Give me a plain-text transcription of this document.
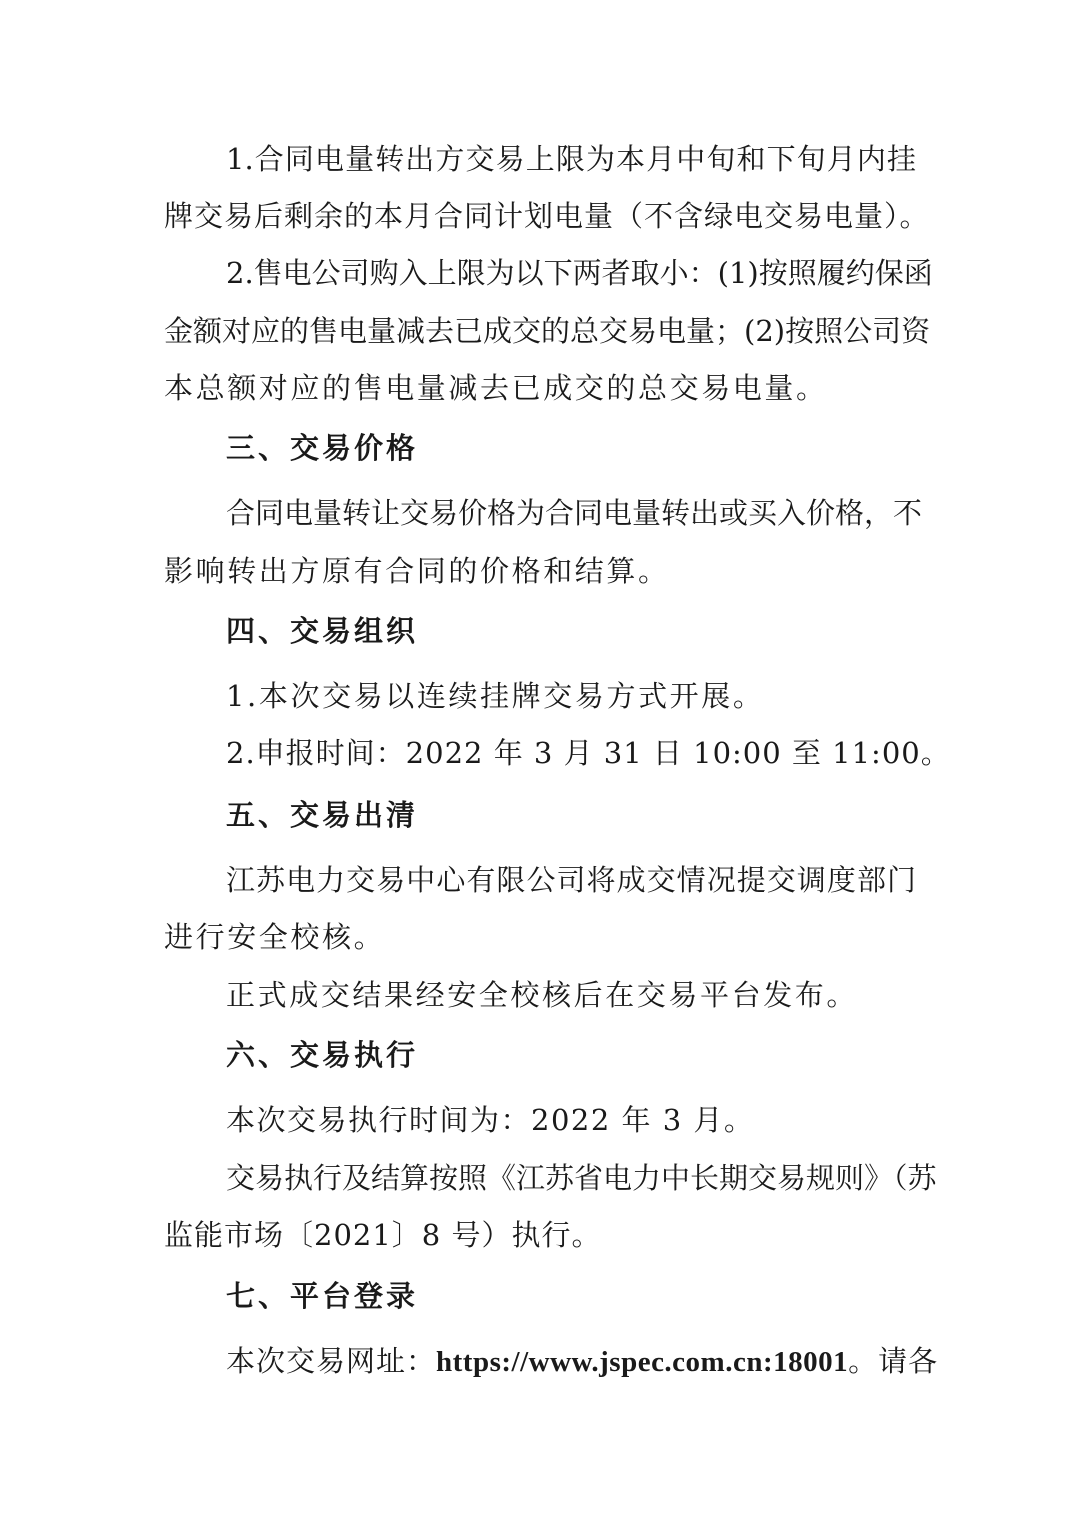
1.合同电量转出方交易上限为本月中旬和下旬月内挂
牌交易后剩余的本月合同计划电量（不含绿电交易电量）。
2.售电公司购入上限为以下两者取小：(1)按照履约保函
金额对应的售电量减去已成交的总交易电量；(2)按照公司资
本总额对应的售电量减去已成交的总交易电量。
三、交易价格
合同电量转让交易价格为合同电量转出或买入价格，不
影响转出方原有合同的价格和结算。
四、交易组织
1.本次交易以连续挂牌交易方式开展。
2.申报时间：2022 年 3 月 31 日 10:00 至 11:00。
五、交易出清
江苏电力交易中心有限公司将成交情况提交调度部门
进行安全校核。
正式成交结果经安全校核后在交易平台发布。
六、交易执行
本次交易执行时间为：2022 年 3 月。
交易执行及结算按照《江苏省电力中长期交易规则》（苏
监能市场〔2021〕8 号）执行。
七、平台登录
本次交易网址：https://www.jspec.com.cn:18001。请各
